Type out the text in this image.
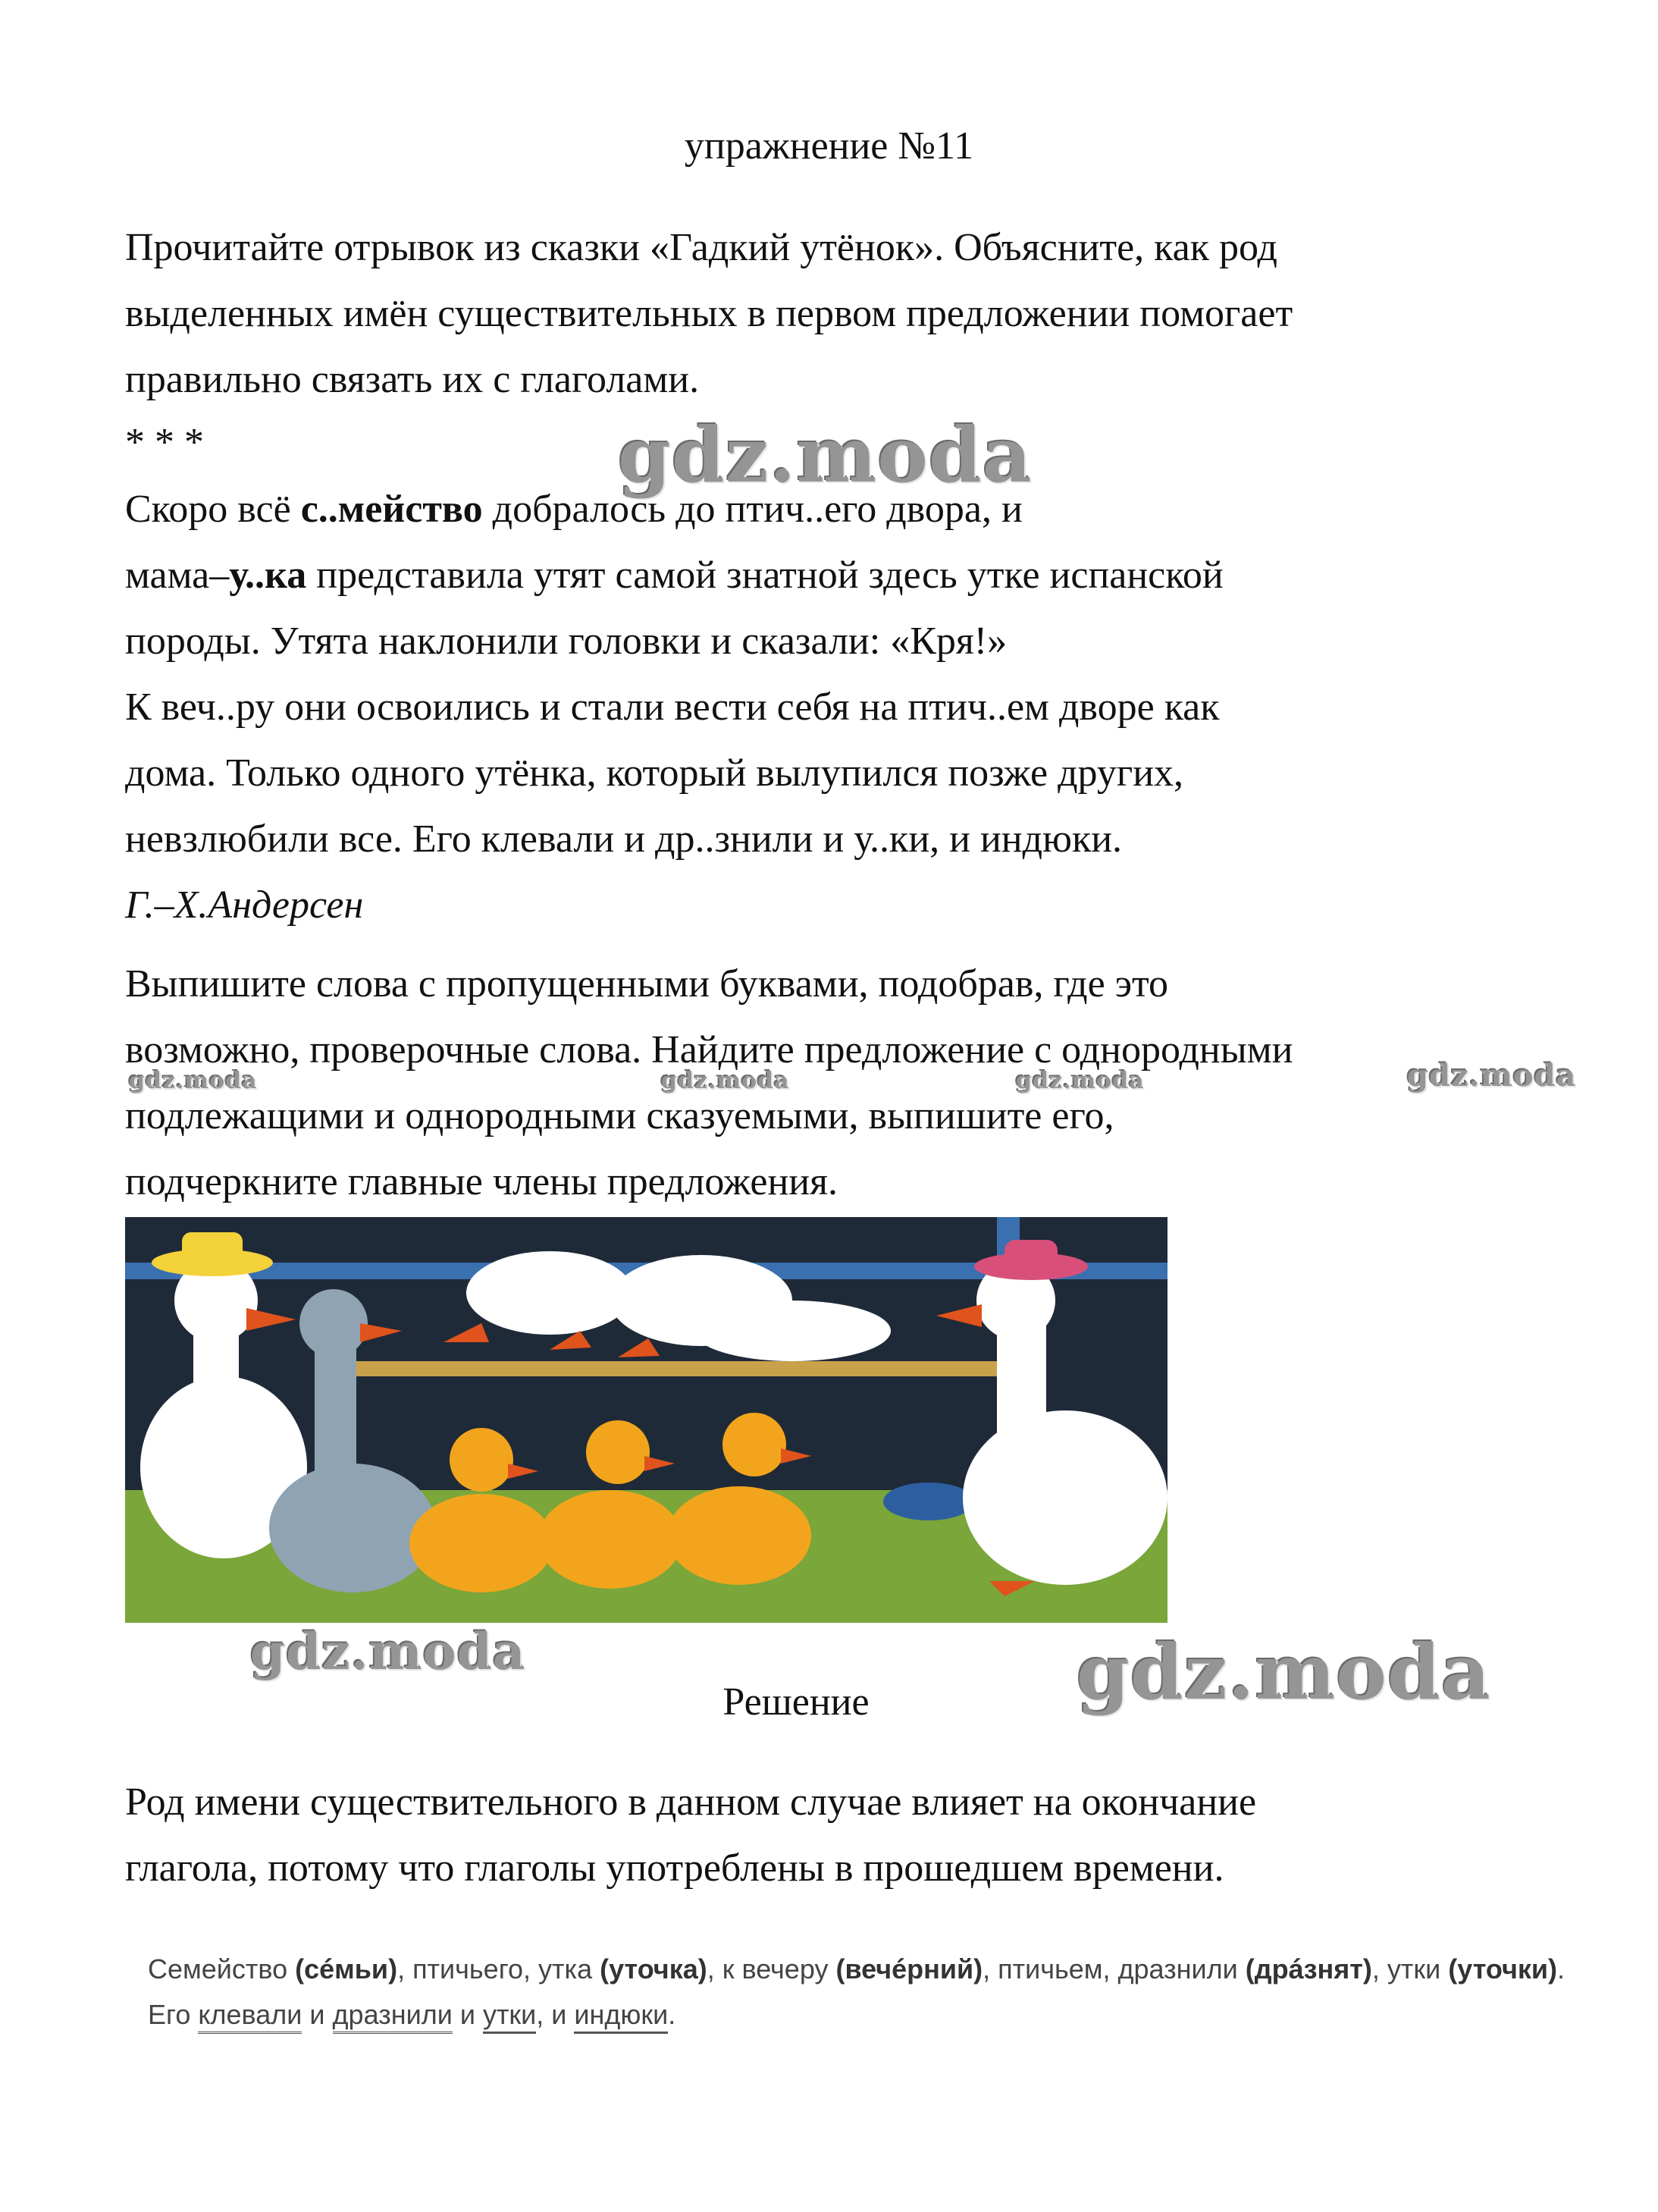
упражнение №11
Прочитайте отрывок из сказки «Гадкий утёнок». Объясните, как род
выделенных имён существительных в первом предложении помогает
правильно связать их с глаголами.
* * *
Скоро всё с..мейство добралось до птич..его двора, и
мама–у..ка представила утят самой знатной здесь утке испанской
породы. Утята наклонили головки и сказали: «Кря!»
К веч..ру они освоились и стали вести себя на птич..ем дворе как
дома. Только одного утёнка, который вылупился позже других,
невзлюбили все. Его клевали и др..знили и у..ки, и индюки.
Г.–Х.Андерсен
Выпишите слова с пропущенными буквами, подобрав, где это
возможно, проверочные слова. Найдите предложение с однородными
подлежащими и однородными сказуемыми, выпишите его,
подчеркните главные члены предложения.
gdz.moda
gdz.moda	gdz.moda	gdz.moda	gdz.moda
gdz.moda	gdz.moda
Решение
Род имени существительного в данном случае влияет на окончание
глагола, потому что глаголы употреблены в прошедшем времени.
Семейство (сéмьи), птичьего, утка (уточка), к вечеру (вечéрний), птичьем, дразнили (дрáзнят), утки (уточки).
Его клевали и дразнили и утки, и индюки.
